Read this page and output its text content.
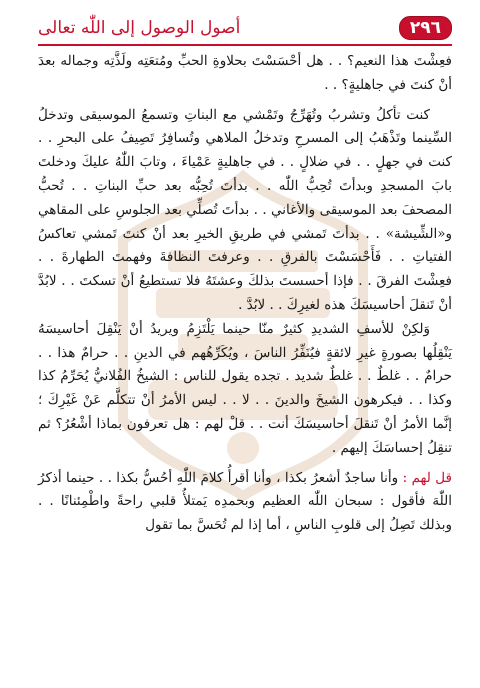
٢٩٦
أصول الوصول إلى اللّٰه تعالى

فعِشْتَ هذا النعيم؟ . . هل أحْسَسْتَ بحلاوةِ الحبِّ ومُتعَتِه ولَذَّتِه وجماله بعدَ أنْ كنتَ في جاهليةٍ؟ . .

كنت تأكلُ وتشربُ وتُهَرِّجُ وتَمْشي مع البناتِ وتسمعُ الموسيقى وتدخلُ السِّينما وتَذْهَبُ إلى المسرحِ وتدخلُ الملاهي وتُسافِرُ تَصِيفُ على البحرِ . . كنت في جهلٍ . . في ضلالٍ . . في جاهليةٍ عَمْياءَ ، وتابَ اللّٰهُ عليكَ ودخلتَ بابَ المسجدِ وبدأتَ تُحِبُّ اللّٰه . . بدأتَ تُحِبُّه بعد حبِّ البناتِ . . تُحبُّ المصحفَ بعد الموسيقى والأغاني . . بدأتَ تُصلِّي بعد الجلوسِ على المقاهي و«الشِّيشة» . . بدأتَ تَمشي في طريقِ الخيرِ بعد أنْ كنتَ تَمشي تعاكسُ الفتياتِ . . فَأَحْسَسْتَ بالفرقِ . . وعرفتَ النظافةَ وفهمتَ الطهارةَ . . فعِشْتَ الفرقَ . . فإذا أحسستَ بذلكَ وعشتَهُ فلا تستطيعُ أنْ تسكتَ . . لابُدَّ أنْ تَنقلَ أحاسيسَكَ هذه لغيرِكَ . . لابُدَّ .

وَلكِنْ للأسفِ الشديدِ كثيرٌ منّا حينما يَلْتَزِمُ ويريدُ أنْ يَنْقِلَ أحاسيسَهُ يَنْقِلُها بصورةٍ غيرِ لائقةٍ فيُنَفِّرُ الناسَ ، ويُكَرِّهُهم في الدينِ . . حرامٌ هذا . . حرامٌ . . غلطٌ . . غلطٌ شديد . تجده يقول للناس : الشيخُ الفُلانيُّ يُحَرِّمُ كذا وكذا . . فيكرهون الشيخَ والدينَ . . لا . . ليس الأمرُ أنْ تتكلَّم عَنْ غَيْرِكَ ؛ إنَّما الأمرُ أنْ تَنقلَ أحاسيسَكَ أنت . . قلْ لهم : هل تعرفون بماذا أشْعُرُ؟ ثم تنقِلُ إحساسَكَ إليهم .

قل لهم : وأنا ساجدٌ أشعرُ بكذا ، وأنا أقرأُ كلامَ اللّٰهِ أحُسُّ بكذا . . حينما أذكرُ اللّٰهَ فأقول : سبحان اللّٰه العظيم وبحمدِه يَمتلأُ قلبي راحةً واطْمِئنانًا . . وبذلك تَصِلُ إلى قلوبِ الناسِ ، أما إذا لم تُحَسَّ بما تقول
